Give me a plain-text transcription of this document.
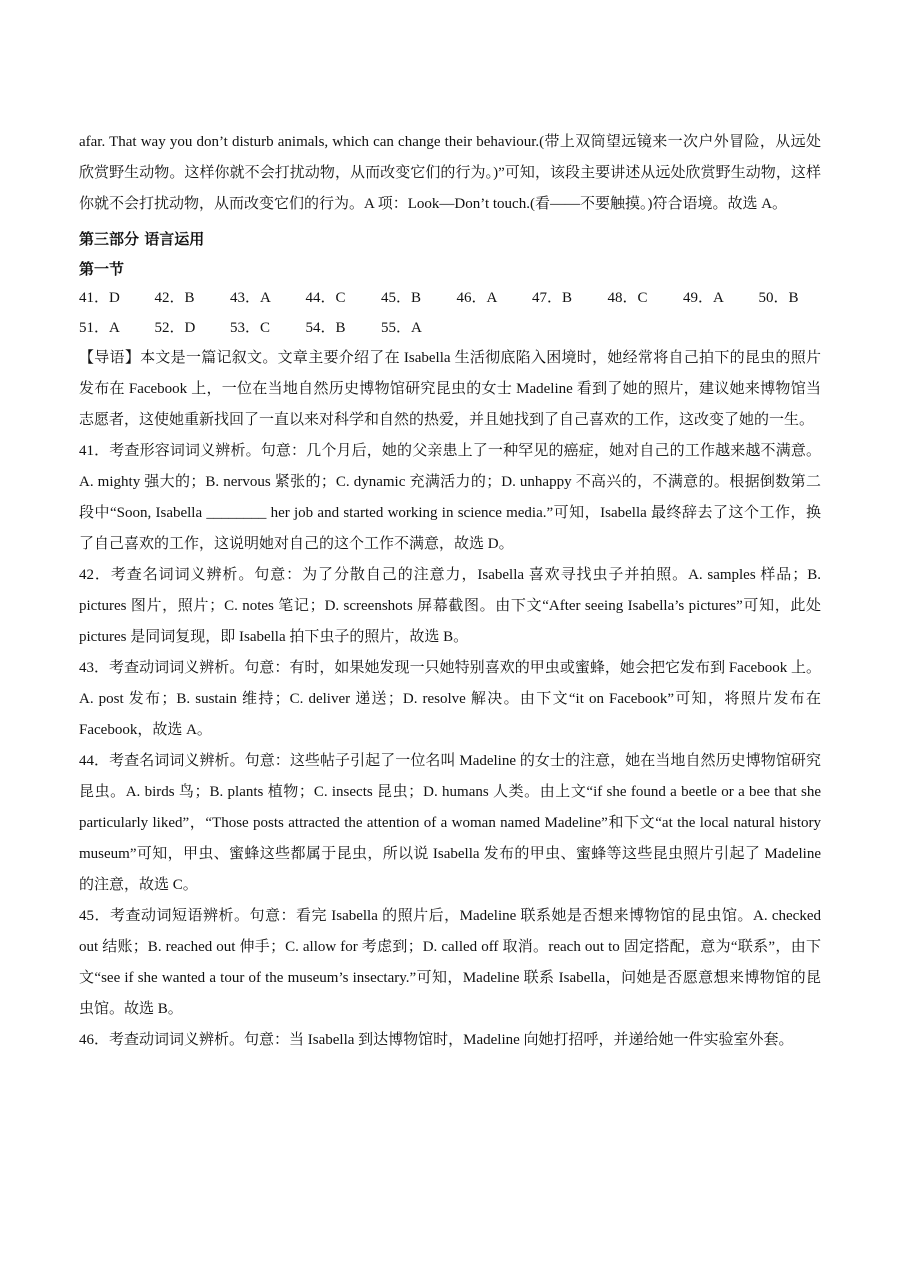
afar. That way you don’t disturb animals, which can change their behaviour.(带上双筒望远镜来一次户外冒险，从远处欣赏野生动物。这样你就不会打扰动物，从而改变它们的行为。)”可知，该段主要讲述从远处欣赏野生动物，这样你就不会打扰动物，从而改变它们的行为。A 项：Look—Don’t touch.(看——不要触摸。)符合语境。故选 A。

第三部分 语言运用

第一节

41．D	42．B	43．A	44．C	45．B	46．A	47．B	48．C	49．A	50．B
51．A	52．D	53．C	54．B	55．A

【导语】本文是一篇记叙文。文章主要介绍了在 Isabella 生活彻底陷入困境时，她经常将自己拍下的昆虫的照片发布在 Facebook 上，一位在当地自然历史博物馆研究昆虫的女士 Madeline 看到了她的照片，建议她来博物馆当志愿者，这使她重新找回了一直以来对科学和自然的热爱，并且她找到了自己喜欢的工作，这改变了她的一生。

41．考查形容词词义辨析。句意：几个月后，她的父亲患上了一种罕见的癌症，她对自己的工作越来越不满意。A. mighty 强大的；B. nervous 紧张的；C. dynamic 充满活力的；D. unhappy 不高兴的，不满意的。根据倒数第二段中“Soon, Isabella ________ her job and started working in science media.”可知，Isabella 最终辞去了这个工作，换了自己喜欢的工作，这说明她对自己的这个工作不满意，故选 D。

42．考查名词词义辨析。句意：为了分散自己的注意力，Isabella 喜欢寻找虫子并拍照。A. samples 样品；B. pictures 图片，照片；C. notes 笔记；D. screenshots 屏幕截图。由下文“After seeing Isabella’s pictures”可知，此处 pictures 是同词复现，即 Isabella 拍下虫子的照片，故选 B。

43．考查动词词义辨析。句意：有时，如果她发现一只她特别喜欢的甲虫或蜜蜂，她会把它发布到 Facebook 上。A. post 发布；B. sustain 维持；C. deliver 递送；D. resolve 解决。由下文“it on Facebook”可知，将照片发布在 Facebook，故选 A。

44．考查名词词义辨析。句意：这些帖子引起了一位名叫 Madeline 的女士的注意，她在当地自然历史博物馆研究昆虫。A. birds 鸟；B. plants 植物；C. insects 昆虫；D. humans 人类。由上文“if she found a beetle or a bee that she particularly liked”，“Those posts attracted the attention of a woman named Madeline”和下文“at the local natural history museum”可知，甲虫、蜜蜂这些都属于昆虫，所以说 Isabella 发布的甲虫、蜜蜂等这些昆虫照片引起了 Madeline 的注意，故选 C。

45．考查动词短语辨析。句意：看完 Isabella 的照片后，Madeline 联系她是否想来博物馆的昆虫馆。A. checked out 结账；B. reached out 伸手；C. allow for 考虑到；D. called off 取消。reach out to 固定搭配，意为“联系”，由下文“see if she wanted a tour of the museum’s insectary.”可知，Madeline 联系 Isabella，问她是否愿意想来博物馆的昆虫馆。故选 B。

46．考查动词词义辨析。句意：当 Isabella 到达博物馆时，Madeline 向她打招呼，并递给她一件实验室外套。
